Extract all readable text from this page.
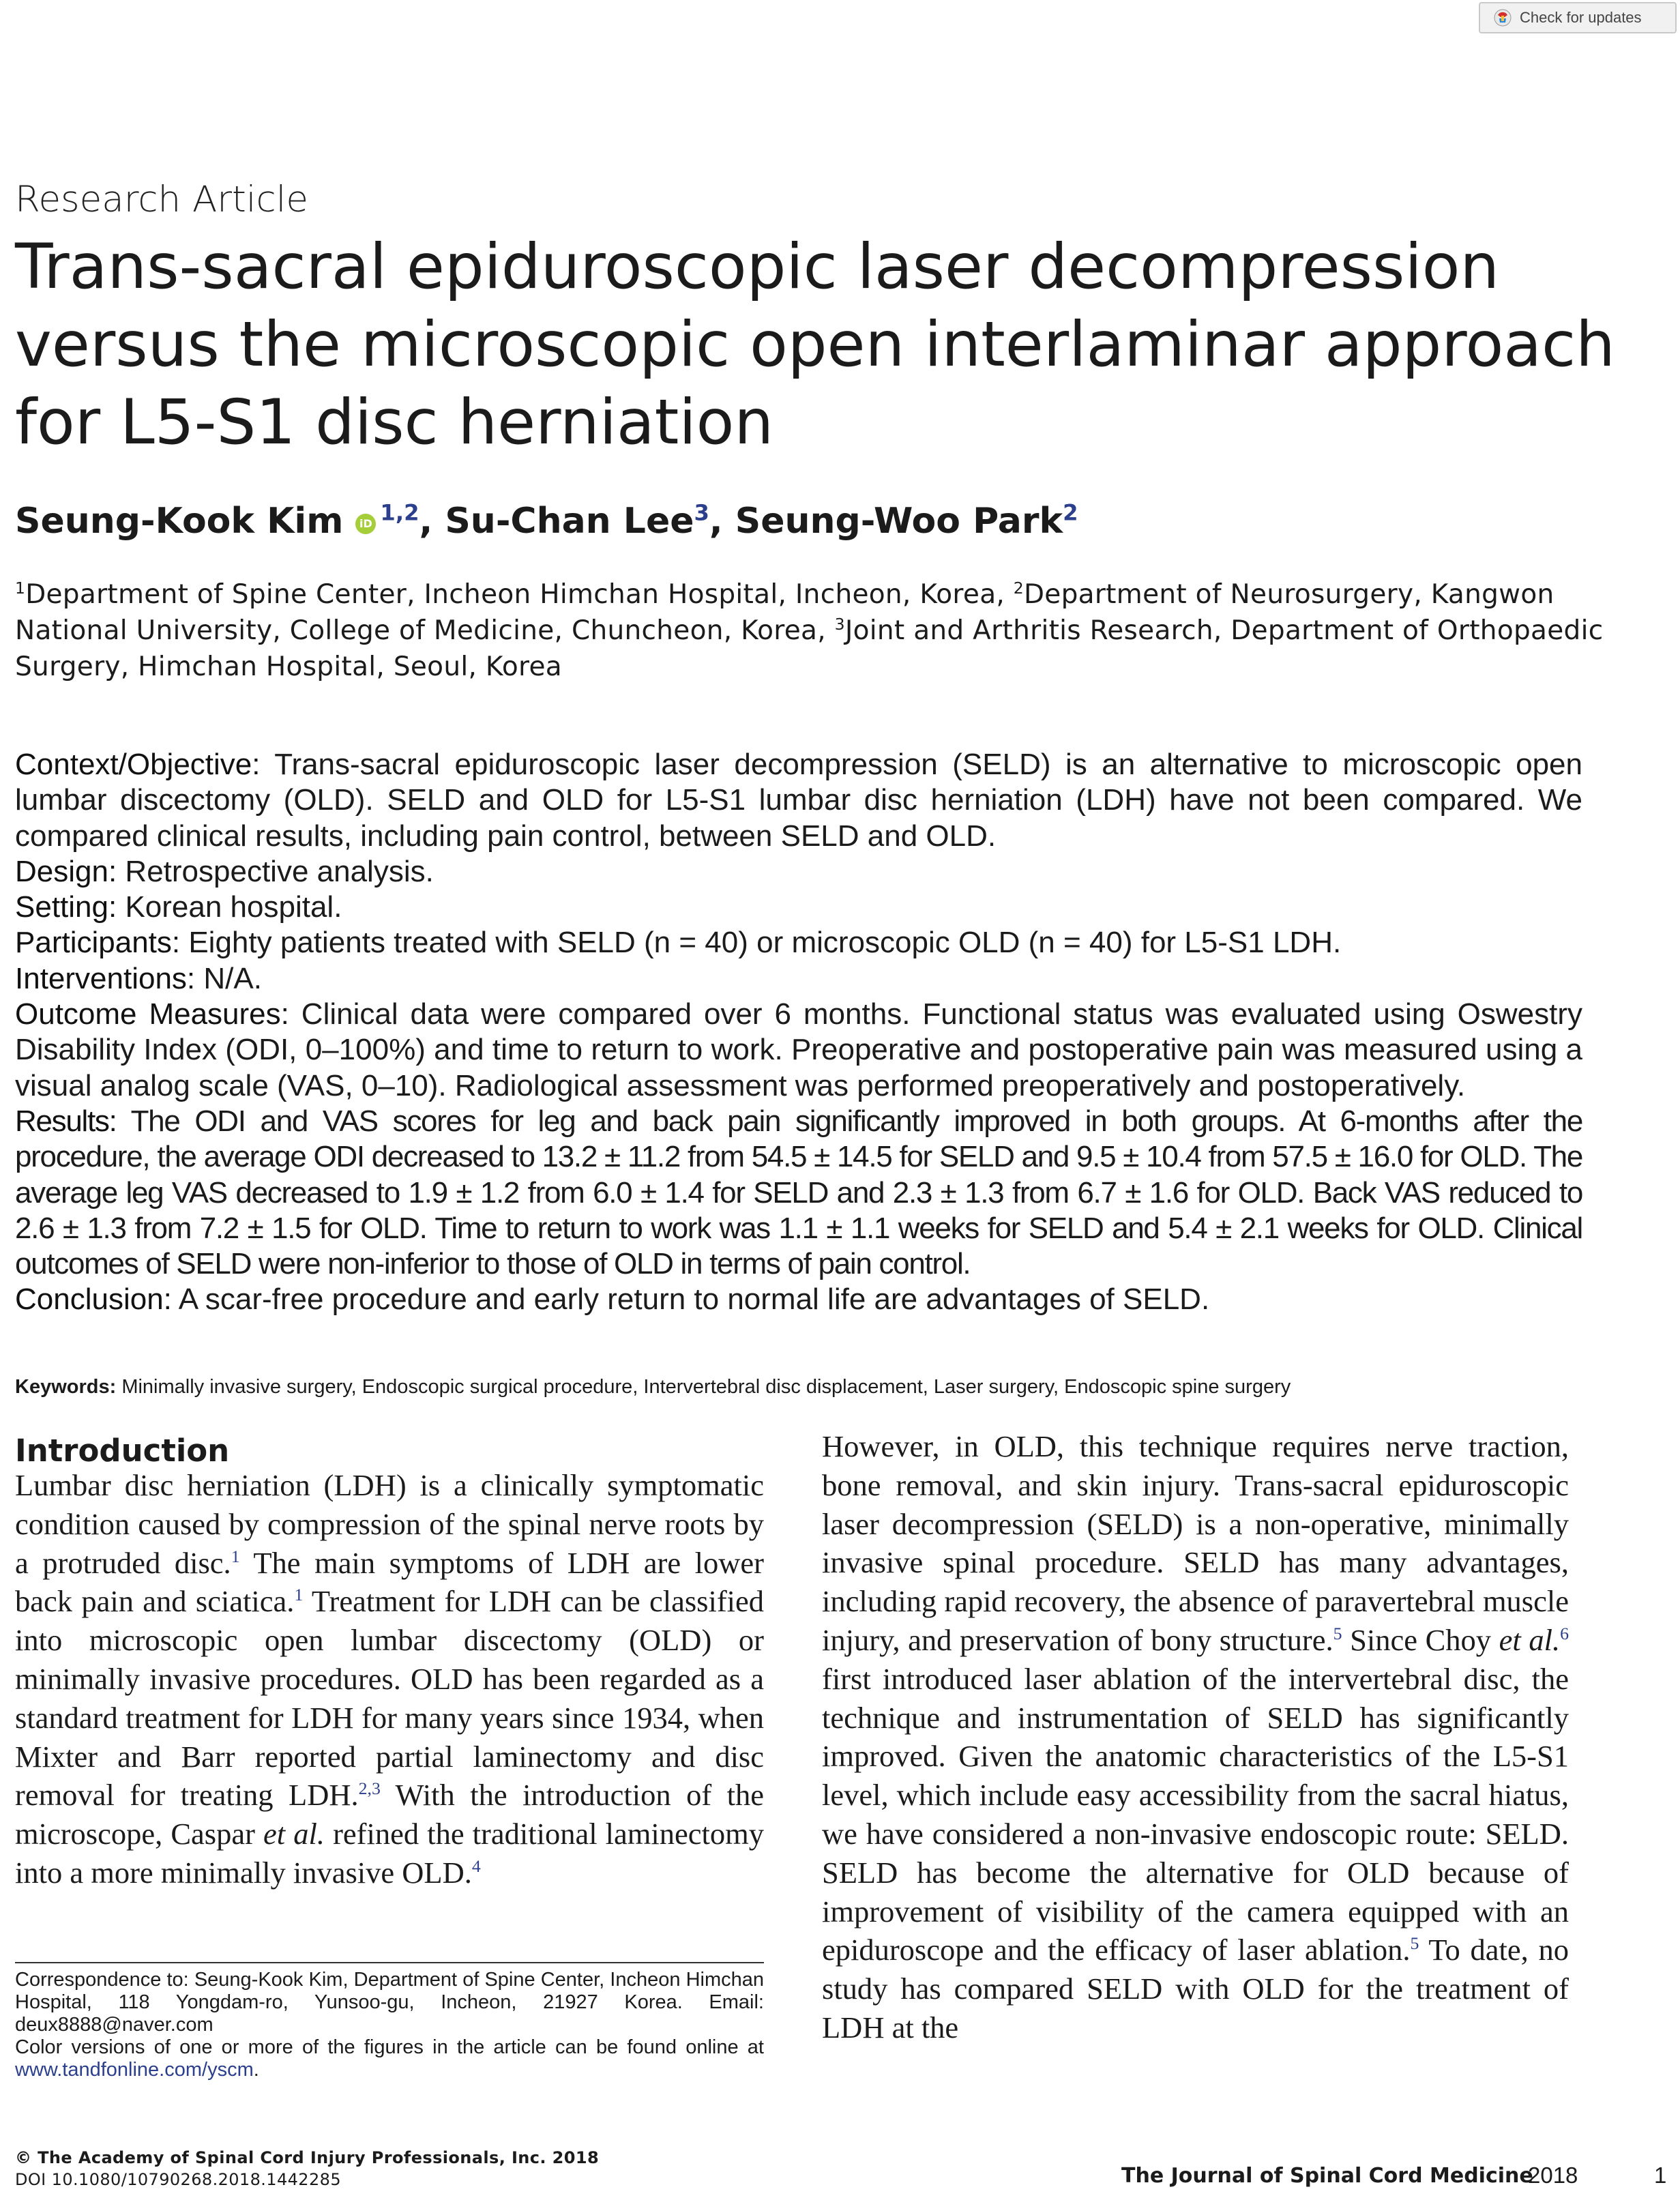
Check for updates
Research Article
Trans-sacral epiduroscopic laser decompression versus the microscopic open interlaminar approach for L5-S1 disc herniation
Seung-Kook Kim iD $^{1,2}$, Su-Chan Lee$^3$, Seung-Woo Park$^2$
$^1$Department of Spine Center, Incheon Himchan Hospital, Incheon, Korea, $^2$Department of Neurosurgery, Kangwon National University, College of Medicine, Chuncheon, Korea, $^3$Joint and Arthritis Research, Department of Orthopaedic Surgery, Himchan Hospital, Seoul, Korea

Context/Objective: Trans-sacral epiduroscopic laser decompression (SELD) is an alternative to microscopic open lumbar discectomy (OLD). SELD and OLD for L5-S1 lumbar disc herniation (LDH) have not been compared. We compared clinical results, including pain control, between SELD and OLD.

Design: Retrospective analysis.

Setting: Korean hospital.

Participants: Eighty patients treated with SELD (n = 40) or microscopic OLD (n = 40) for L5-S1 LDH.

Interventions: N/A.

Outcome Measures: Clinical data were compared over 6 months. Functional status was evaluated using Oswestry Disability Index (ODI, 0–100%) and time to return to work. Preoperative and postoperative pain was measured using a visual analog scale (VAS, 0–10). Radiological assessment was performed preoperatively and postoperatively.

Results: The ODI and VAS scores for leg and back pain significantly improved in both groups. At 6-months after the procedure, the average ODI decreased to 13.2 ± 11.2 from 54.5 ± 14.5 for SELD and 9.5 ± 10.4 from 57.5 ± 16.0 for OLD. The average leg VAS decreased to 1.9 ± 1.2 from 6.0 ± 1.4 for SELD and 2.3 ± 1.3 from 6.7 ± 1.6 for OLD. Back VAS reduced to 2.6 ± 1.3 from 7.2 ± 1.5 for OLD. Time to return to work was 1.1 ± 1.1 weeks for SELD and 5.4 ± 2.1 weeks for OLD. Clinical outcomes of SELD were non-inferior to those of OLD in terms of pain control.

Conclusion: A scar-free procedure and early return to normal life are advantages of SELD.

Keywords: Minimally invasive surgery, Endoscopic surgical procedure, Intervertebral disc displacement, Laser surgery, Endoscopic spine surgery
Introduction
Lumbar disc herniation (LDH) is a clinically symptomatic condition caused by compression of the spinal nerve roots by a protruded disc.$^1$ The main symptoms of LDH are lower back pain and sciatica.$^1$ Treatment for LDH can be classified into microscopic open lumbar discectomy (OLD) or minimally invasive procedures. OLD has been regarded as a standard treatment for LDH for many years since 1934, when Mixter and Barr reported partial laminectomy and disc removal for treating LDH.$^{2,3}$ With the introduction of the microscope, Caspar et al. refined the traditional laminectomy into a more minimally invasive OLD.$^4$

Correspondence to: Seung-Kook Kim, Department of Spine Center, Incheon Himchan Hospital, 118 Yongdam-ro, Yunsoo-gu, Incheon, 21927 Korea. Email: deux8888@naver.com

Color versions of one or more of the figures in the article can be found online at www.tandfonline.com/yscm.

However, in OLD, this technique requires nerve traction, bone removal, and skin injury. Trans-sacral epiduroscopic laser decompression (SELD) is a non-operative, minimally invasive spinal procedure. SELD has many advantages, including rapid recovery, the absence of paravertebral muscle injury, and preservation of bony structure.$^5$ Since Choy et al.$^6$ first introduced laser ablation of the intervertebral disc, the technique and instrumentation of SELD has significantly improved. Given the anatomic characteristics of the L5-S1 level, which include easy accessibility from the sacral hiatus, we have considered a non-invasive endoscopic route: SELD. SELD has become the alternative for OLD because of improvement of visibility of the camera equipped with an epiduroscope and the efficacy of laser ablation.$^5$ To date, no study has compared SELD with OLD for the treatment of LDH at the
© The Academy of Spinal Cord Injury Professionals, Inc. 2018
DOI 10.1080/10790268.2018.1442285	The Journal of Spinal Cord Medicine
2018	1
